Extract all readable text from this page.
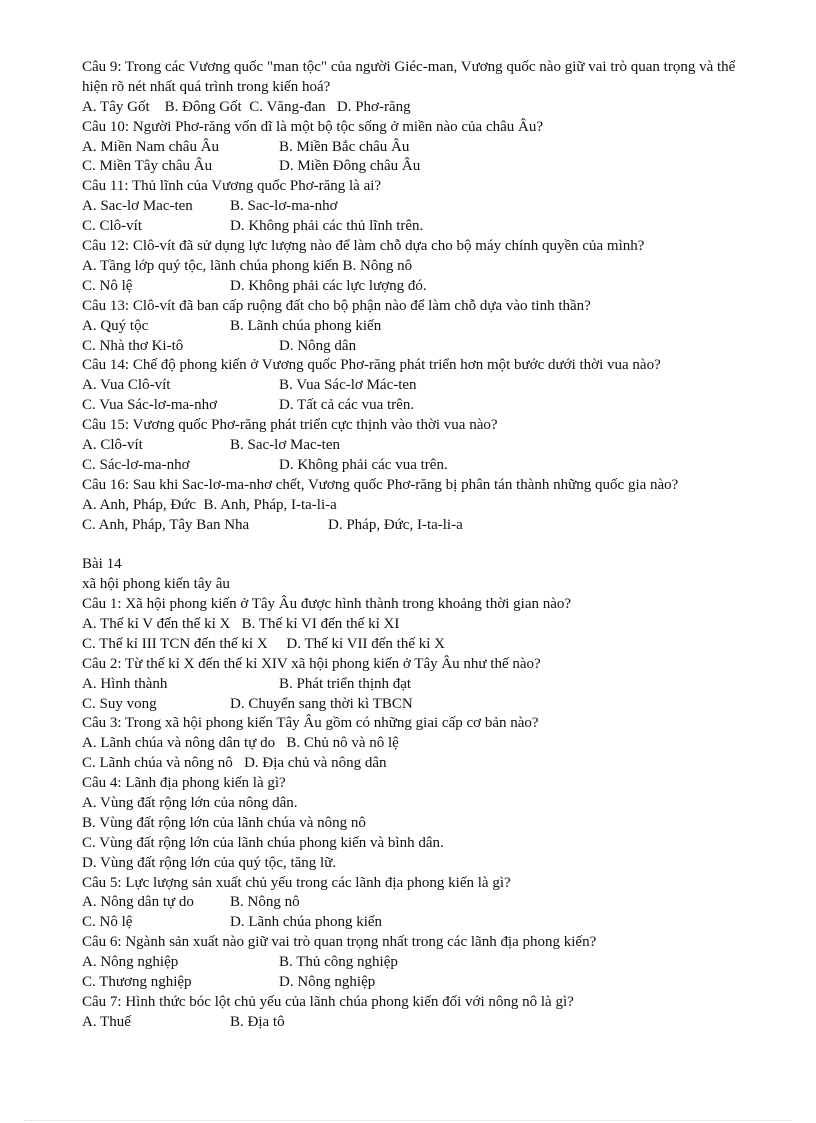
Câu 9: Trong các Vương quốc "man tộc" của người Giéc-man, Vương quốc nào giữ vai trò quan trọng và thể hiện rõ nét nhất quá trình trong kiến hoá?
A. Tây Gốt B. Đông Gốt C. Văng-đan D. Phơ-răng
Câu 10: Người Phơ-răng vốn dĩ là một bộ tộc sống ở miền nào của châu Âu?
A. Miền Nam châu Âu	B. Miền Bắc châu Âu
C. Miền Tây châu Âu	D. Miền Đông châu Âu
Câu 11: Thủ lĩnh của Vương quốc Phơ-răng là ai?
A. Sac-lơ Mac-ten B. Sac-lơ-ma-nhơ
C. Clô-vít	D. Không phải các thủ lĩnh trên.
Câu 12: Clô-vít đã sử dụng lực lượng nào để làm chỗ dựa cho bộ máy chính quyền của mình?
A. Tầng lớp quý tộc, lãnh chúa phong kiến B. Nông nô
C. Nô lệ	D. Không phải các lực lượng đó.
Câu 13: Clô-vít đã ban cấp ruộng đất cho bộ phận nào để làm chỗ dựa vào tinh thần?
A. Quý tộc	B. Lãnh chúa phong kiến
C. Nhà thơ Ki-tô	D. Nông dân
Câu 14: Chế độ phong kiến ở Vương quốc Phơ-răng phát triển hơn một bước dưới thời vua nào?
A. Vua Clô-vít	B. Vua Sác-lơ Mác-ten
C. Vua Sác-lơ-ma-nhơ	D. Tất cả các vua trên.
Câu 15: Vương quốc Phơ-răng phát triển cực thịnh vào thời vua nào?
A. Clô-vít	B. Sac-lơ Mac-ten
C. Sác-lơ-ma-nhơ	D. Không phải các vua trên.
Câu 16: Sau khi Sac-lơ-ma-nhơ chết, Vương quốc Phơ-răng bị phân tán thành những quốc gia nào?
A. Anh, Pháp, Đức B. Anh, Pháp, I-ta-li-a
C. Anh, Pháp, Tây Ban Nha	D. Pháp, Đức, I-ta-li-a
Bài 14
xã hội phong kiến tây âu
Câu 1: Xã hội phong kiến ở Tây Âu được hình thành trong khoảng thời gian nào?
A. Thế kỉ V đến thế kỉ X B. Thế kỉ VI đến thế kỉ XI
C. Thế kỉ III TCN đến thế kỉ X D. Thế kỉ VII đến thế kỉ X
Câu 2: Từ thế kỉ X đến thế kỉ XIV xã hội phong kiến ở Tây Âu như thế nào?
A. Hình thành	B. Phát triển thịnh đạt
C. Suy vong	D. Chuyển sang thời kì TBCN
Câu 3: Trong xã hội phong kiến Tây Âu gồm có những giai cấp cơ bản nào?
A. Lãnh chúa và nông dân tự do B. Chủ nô và nô lệ
C. Lãnh chúa và nông nô D. Địa chủ và nông dân
Câu 4: Lãnh địa phong kiến là gì?
A. Vùng đất rộng lớn của nông dân.
B. Vùng đất rộng lớn của lãnh chúa và nông nô
C. Vùng đất rộng lớn của lãnh chúa phong kiến và bình dân.
D. Vùng đất rộng lớn của quý tộc, tăng lữ.
Câu 5: Lực lượng sản xuất chủ yếu trong các lãnh địa phong kiến là gì?
A. Nông dân tự do B. Nông nô
C. Nô lệ	D. Lãnh chúa phong kiến
Câu 6: Ngành sản xuất nào giữ vai trò quan trọng nhất trong các lãnh địa phong kiến?
A. Nông nghiệp	B. Thủ công nghiệp
C. Thương nghiệp	D. Nông nghiệp
Câu 7: Hình thức bóc lột chủ yếu của lãnh chúa phong kiến đối với nông nô là gì?
A. Thuế	B. Địa tô
